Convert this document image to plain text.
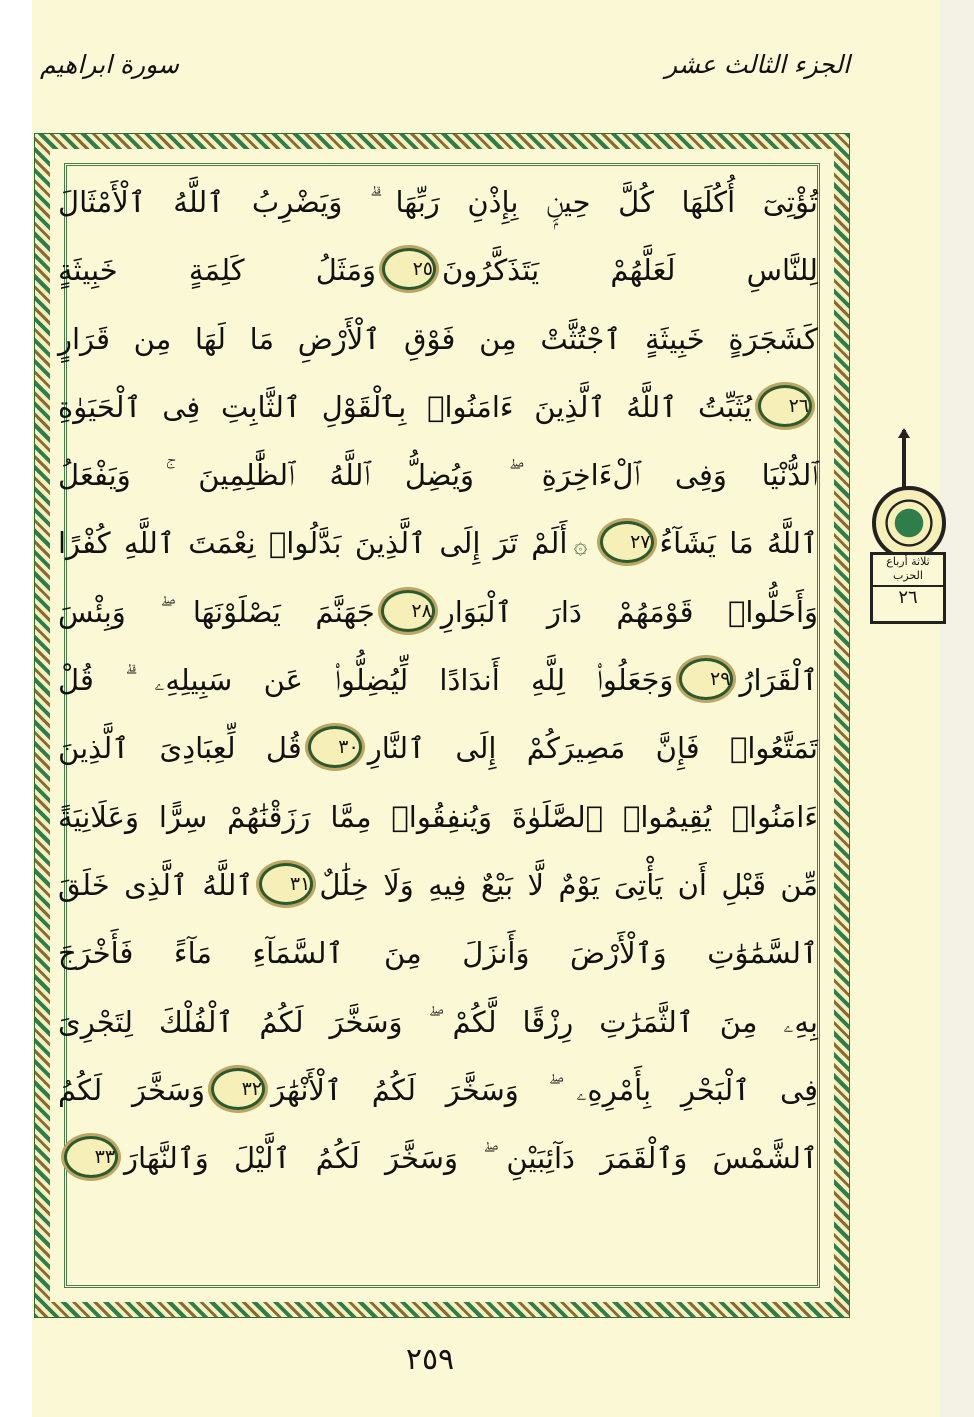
الجزء الثالث عشر
سورة ابراهيم
تُؤْتِىٓ أُكُلَهَا كُلَّ حِينِۭ بِإِذْنِ رَبِّهَا ۗ وَيَضْرِبُ ٱللَّهُ ٱلْأَمْثَالَ
لِلنَّاسِ لَعَلَّهُمْ يَتَذَكَّرُونَ٢٥وَمَثَلُ كَلِمَةٍ خَبِيثَةٍ
كَشَجَرَةٍ خَبِيثَةٍ ٱجْتُثَّتْ مِن فَوْقِ ٱلْأَرْضِ مَا لَهَا مِن قَرَارٍ
٢٦يُثَبِّتُ ٱللَّهُ ٱلَّذِينَ ءَامَنُوا۟ بِٱلْقَوْلِ ٱلثَّابِتِ فِى ٱلْحَيَوٰةِ
ٱلدُّنْيَا وَفِى ٱلْءَاخِرَةِ ۖ وَيُضِلُّ ٱللَّهُ ٱلظَّٰلِمِينَ ۚ وَيَفْعَلُ
ٱللَّهُ مَا يَشَآءُ٢٧۞أَلَمْ تَرَ إِلَى ٱلَّذِينَ بَدَّلُوا۟ نِعْمَتَ ٱللَّهِ كُفْرًا
وَأَحَلُّوا۟ قَوْمَهُمْ دَارَ ٱلْبَوَارِ٢٨جَهَنَّمَ يَصْلَوْنَهَا ۖ وَبِئْسَ
ٱلْقَرَارُ٢٩وَجَعَلُوا۟ لِلَّهِ أَندَادًا لِّيُضِلُّوا۟ عَن سَبِيلِهِۦ ۗ قُلْ
تَمَتَّعُوا۟ فَإِنَّ مَصِيرَكُمْ إِلَى ٱلنَّارِ٣٠قُل لِّعِبَادِىَ ٱلَّذِينَ
ءَامَنُوا۟ يُقِيمُوا۟ ٱلصَّلَوٰةَ وَيُنفِقُوا۟ مِمَّا رَزَقْنَٰهُمْ سِرًّا وَعَلَانِيَةً
مِّن قَبْلِ أَن يَأْتِىَ يَوْمٌ لَّا بَيْعٌ فِيهِ وَلَا خِلَٰلٌ٣١ٱللَّهُ ٱلَّذِى خَلَقَ
ٱلسَّمَٰوَٰتِ وَٱلْأَرْضَ وَأَنزَلَ مِنَ ٱلسَّمَآءِ مَآءً فَأَخْرَجَ
بِهِۦ مِنَ ٱلثَّمَرَٰتِ رِزْقًا لَّكُمْ ۖ وَسَخَّرَ لَكُمُ ٱلْفُلْكَ لِتَجْرِىَ
فِى ٱلْبَحْرِ بِأَمْرِهِۦ ۖ وَسَخَّرَ لَكُمُ ٱلْأَنْهَٰرَ٣٢وَسَخَّرَ لَكُمُ
ٱلشَّمْسَ وَٱلْقَمَرَ دَآئِبَيْنِ ۖ وَسَخَّرَ لَكُمُ ٱلَّيْلَ وَٱلنَّهَارَ٣٣
ثلاثة أرباع الحزب
٢٦
٢٥٩
